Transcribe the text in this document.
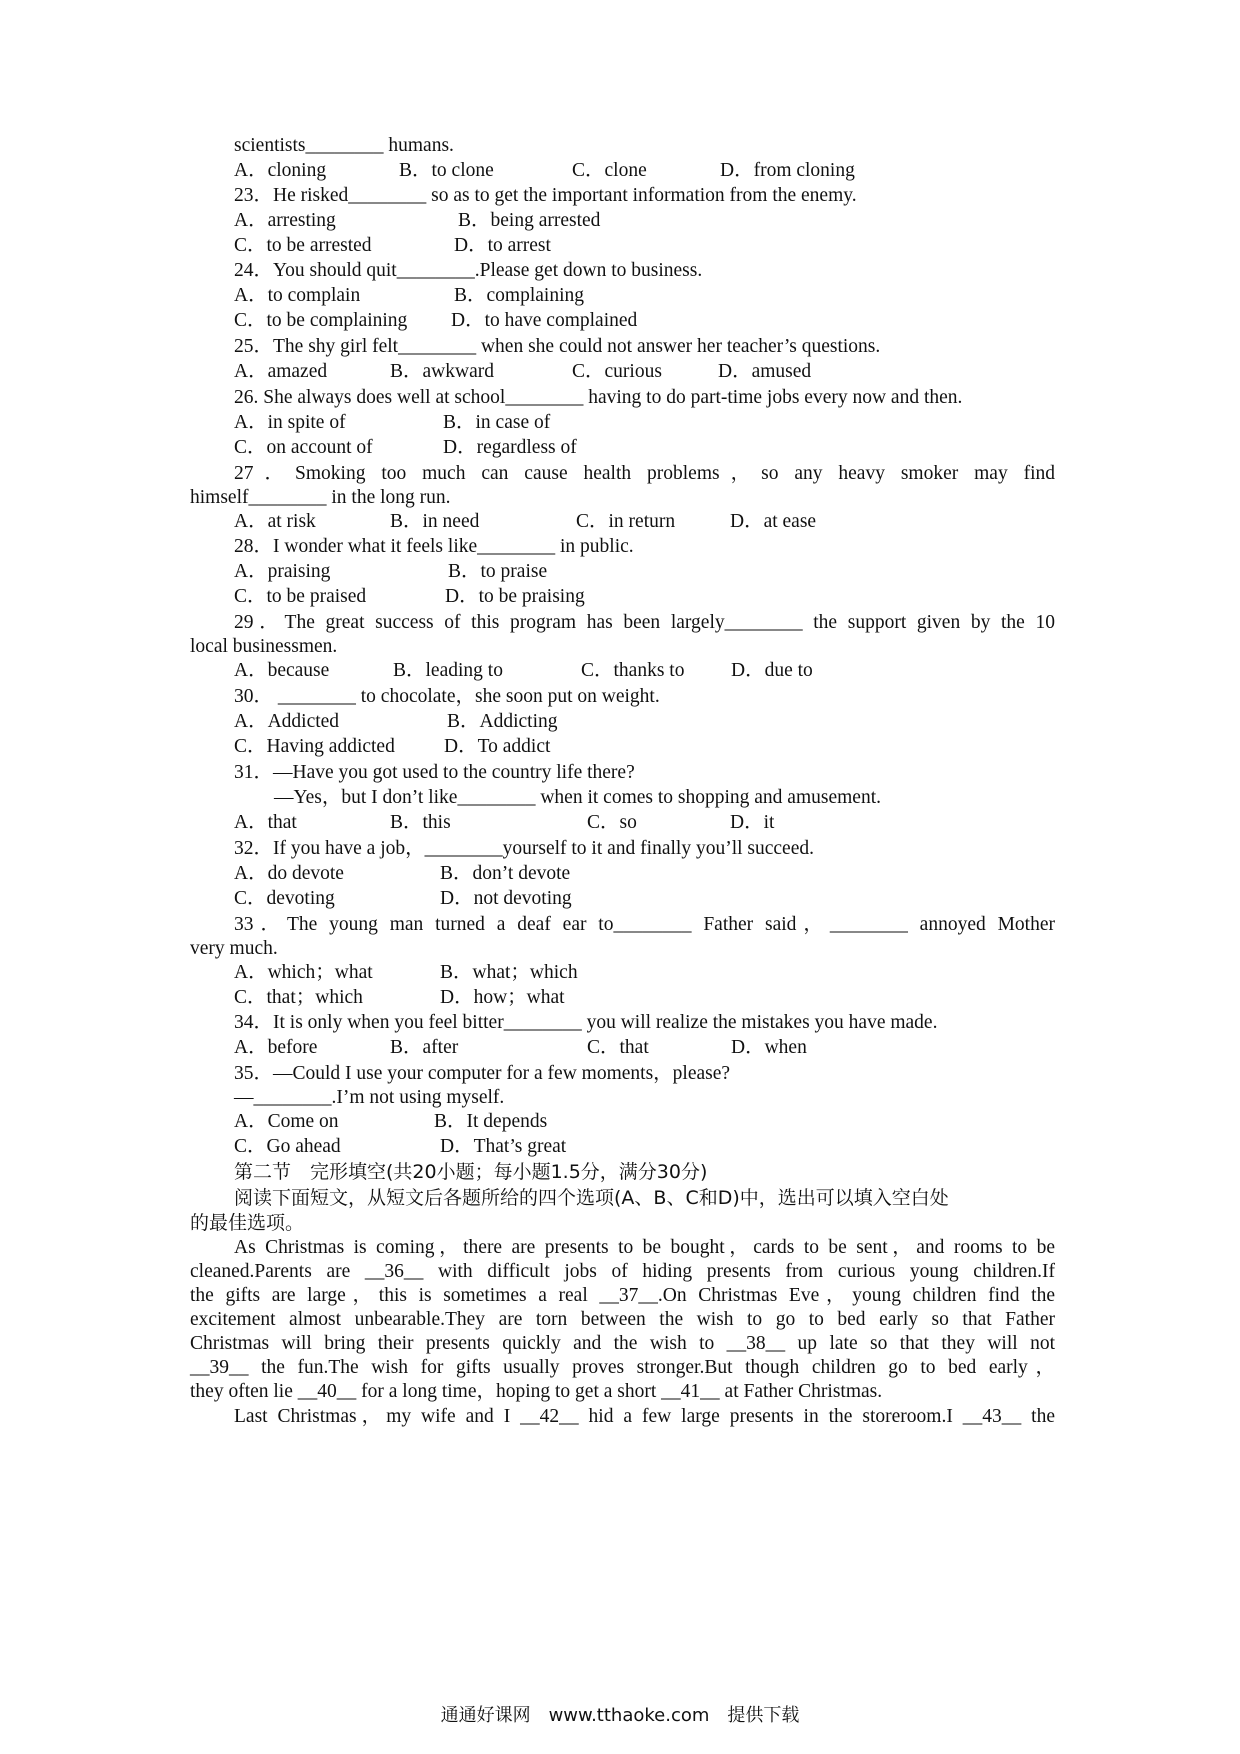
scientists________ humans.

A．cloning

	B．to clone

	C．clone

	D．from cloning

23．He risked________ so as to get the important information from the enemy.

A．arresting

	B．being arrested

C．to be arrested

	D．to arrest

24．You should quit________.Please get down to business.

A．to complain

	B．complaining

C．to be complaining

D．to have complained

25．The shy girl felt________ when she could not answer her teacher’s questions.

A．amazed

	B．awkward

	C．curious

	D．amused

26. She always does well at school________ having to do part-time jobs every now and then.

A．in spite of

	B．in case of

C．on account of

	D．regardless of

27．Smoking too much can cause health problems，so any heavy smoker may find
himself________ in the long run.

A．at risk

	B．in need

	C．in return

	D．at ease

28．I wonder what it feels like________ in public.

A．praising

	B．to praise

C．to be praised

	D．to be praising

29．The great success of this program has been largely________ the support given by the 10
local businessmen.

A．because

	B．leading to

	C．thanks to

D．due to

30． ________ to chocolate，she soon put on weight.

A．Addicted

	B．Addicting

C．Having addicted

	D．To addict

31．—Have you got used to the country life there?
—Yes，but I don’t like________ when it comes to shopping and amusement.

A．that

	B．this

	C．so

	D．it

32．If you have a job，________yourself to it and finally you’ll succeed.

A．do devote

	B．don’t devote

C．devoting

	D．not devoting

33．The young man turned a deaf ear to________ Father said，________ annoyed Mother
very much.

A．which；what

	B．what；which

C．that；which

	D．how；what

34．It is only when you feel bitter________ you will realize the mistakes you have made.

A．before

	B．after

	C．that

	D．when

35．—Could I use your computer for a few moments，please?
—________.I’m not using myself.

A．Come on

	B．It depends

C．Go ahead

	D．That’s great

第二节　完形填空(共20小题；每小题1.5分，满分30分)
阅读下面短文，从短文后各题所给的四个选项(A、B、C和D)中，选出可以填入空白处
的最佳选项。
As Christmas is coming，there are presents to be bought，cards to be sent，and rooms to be
cleaned.Parents are __36__ with difficult jobs of hiding presents from curious young children.If
the gifts are large，this is sometimes a real __37__.On Christmas Eve，young children find the
excitement almost unbearable.They are torn between the wish to go to bed early so that Father
Christmas will bring their presents quickly and the wish to __38__ up late so that they will not
__39__ the fun.The wish for gifts usually proves stronger.But though children go to bed early，
they often lie __40__ for a long time，hoping to get a short __41__ at Father Christmas.
Last Christmas，my wife and I __42__ hid a few large presents in the storeroom.I __43__ the
通通好课网　www.tthaoke.com　提供下载
